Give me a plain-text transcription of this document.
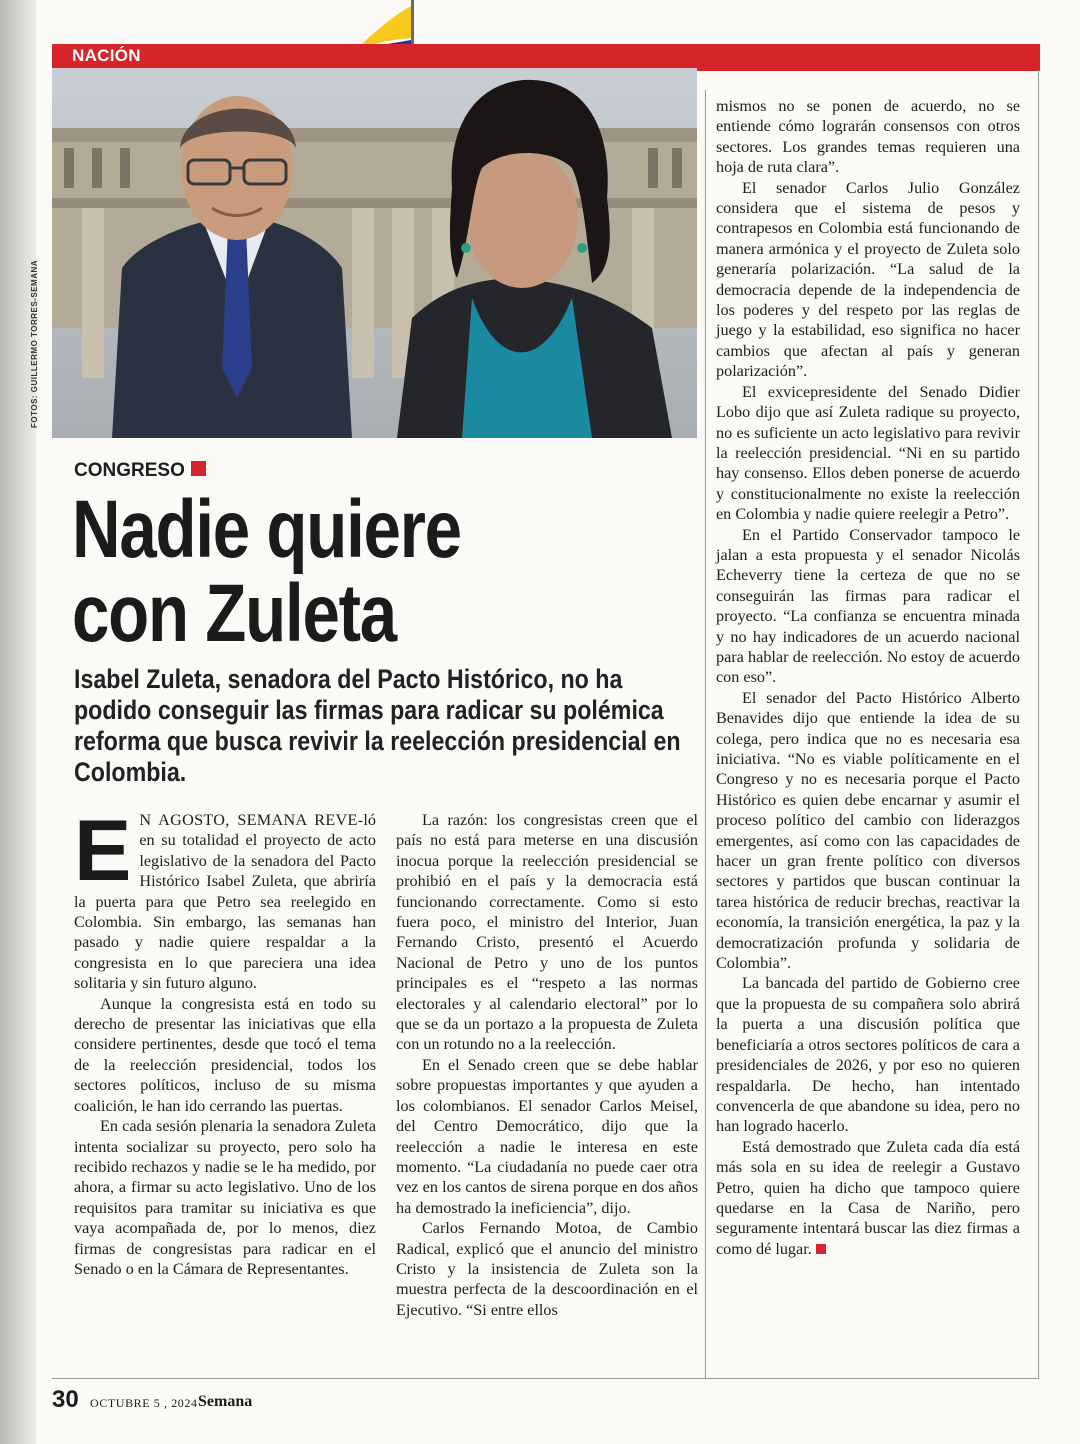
NACIÓN
FOTOS: GUILLERMO TORRES-SEMANA
CONGRESO
Nadie quiere
con Zuleta
Isabel Zuleta, senadora del Pacto Histórico, no ha podido conseguir las firmas para radicar su polémica reforma que busca revivir la reelección presidencial en Colombia.

E N AGOSTO, SEMANA REVE-ló en su totalidad el proyecto de acto legislativo de la senadora del Pacto Histórico Isabel Zuleta, que abriría la puerta para que Petro sea reelegido en Colombia. Sin embargo, las semanas han pasado y nadie quiere respaldar a la congresista en lo que pareciera una idea solitaria y sin futuro alguno.

Aunque la congresista está en todo su derecho de presentar las iniciativas que ella considere pertinentes, desde que tocó el tema de la reelección presidencial, todos los sectores políticos, incluso de su misma coalición, le han ido cerrando las puertas.

En cada sesión plenaria la senadora Zuleta intenta socializar su proyecto, pero solo ha recibido rechazos y nadie se le ha medido, por ahora, a firmar su acto legislativo. Uno de los requisitos para tramitar su iniciativa es que vaya acompañada de, por lo menos, diez firmas de congresistas para radicar en el Senado o en la Cámara de Representantes.

La razón: los congresistas creen que el país no está para meterse en una discusión inocua porque la reelección presidencial se prohibió en el país y la democracia está funcionando correctamente. Como si esto fuera poco, el ministro del Interior, Juan Fernando Cristo, presentó el Acuerdo Nacional de Petro y uno de los puntos principales es el “respeto a las normas electorales y al calendario electoral” por lo que se da un portazo a la propuesta de Zuleta con un rotundo no a la reelección.

En el Senado creen que se debe hablar sobre propuestas importantes y que ayuden a los colombianos. El senador Carlos Meisel, del Centro Democrático, dijo que la reelección a nadie le interesa en este momento. “La ciudadanía no puede caer otra vez en los cantos de sirena porque en dos años ha demostrado la ineficiencia”, dijo.

Carlos Fernando Motoa, de Cambio Radical, explicó que el anuncio del ministro Cristo y la insistencia de Zuleta son la muestra perfecta de la descoordinación en el Ejecutivo. “Si entre ellos

mismos no se ponen de acuerdo, no se entiende cómo lograrán consensos con otros sectores. Los grandes temas requieren una hoja de ruta clara”.

El senador Carlos Julio González considera que el sistema de pesos y contrapesos en Colombia está funcionando de manera armónica y el proyecto de Zuleta solo generaría polarización. “La salud de la democracia depende de la independencia de los poderes y del respeto por las reglas de juego y la estabilidad, eso significa no hacer cambios que afectan al país y generan polarización”.

El exvicepresidente del Senado Didier Lobo dijo que así Zuleta radique su proyecto, no es suficiente un acto legislativo para revivir la reelección presidencial. “Ni en su partido hay consenso. Ellos deben ponerse de acuerdo y constitucionalmente no existe la reelección en Colombia y nadie quiere reelegir a Petro”.

En el Partido Conservador tampoco le jalan a esta propuesta y el senador Nicolás Echeverry tiene la certeza de que no se conseguirán las firmas para radicar el proyecto. “La confianza se encuentra minada y no hay indicadores de un acuerdo nacional para hablar de reelección. No estoy de acuerdo con eso”.

El senador del Pacto Histórico Alberto Benavides dijo que entiende la idea de su colega, pero indica que no es necesaria esa iniciativa. “No es viable políticamente en el Congreso y no es necesaria porque el Pacto Histórico es quien debe encarnar y asumir el proceso político del cambio con liderazgos emergentes, así como con las capacidades de hacer un gran frente político con diversos sectores y partidos que buscan continuar la tarea histórica de reducir brechas, reactivar la economía, la transición energética, la paz y la democratización profunda y solidaria de Colombia”.

La bancada del partido de Gobierno cree que la propuesta de su compañera solo abrirá la puerta a una discusión política que beneficiaría a otros sectores políticos de cara a presidenciales de 2026, y por eso no quieren respaldarla. De hecho, han intentado convencerla de que abandone su idea, pero no han logrado hacerlo.

Está demostrado que Zuleta cada día está más sola en su idea de reelegir a Gustavo Petro, quien ha dicho que tampoco quiere quedarse en la Casa de Nariño, pero seguramente intentará buscar las diez firmas a como dé lugar.

30 OCTUBRE 5 , 2024 Semana
